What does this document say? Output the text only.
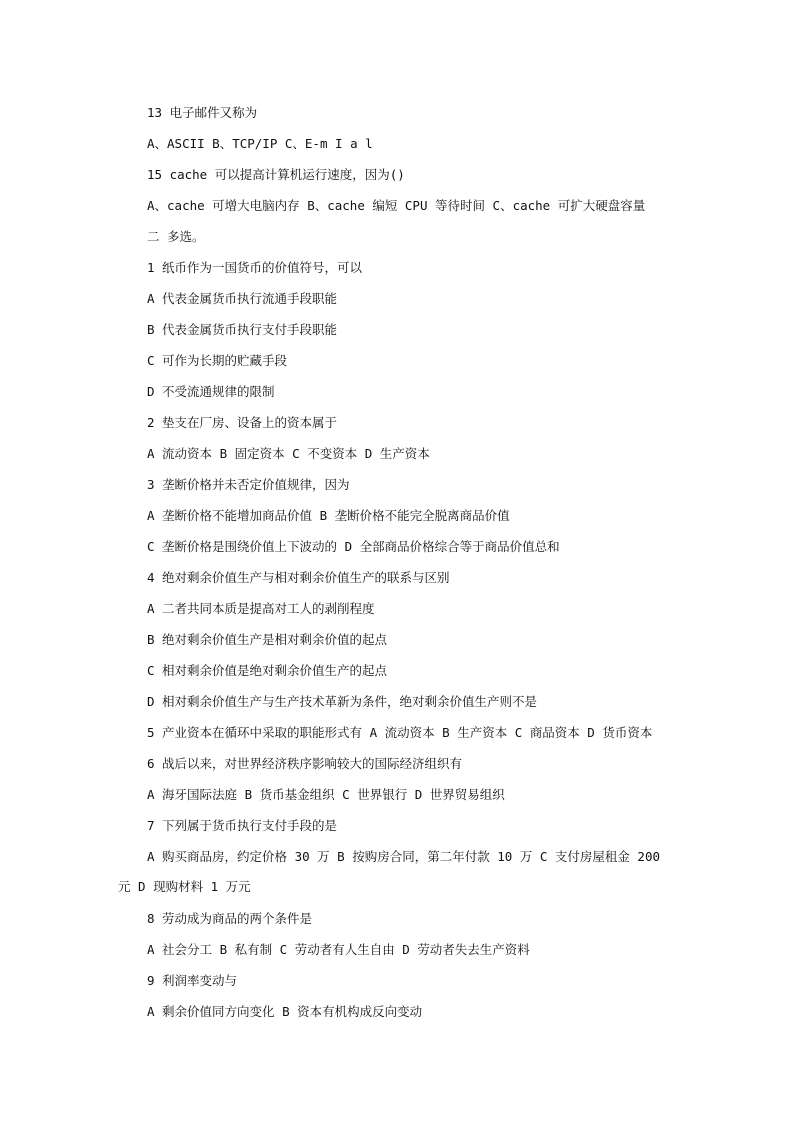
13 电子邮件又称为
A、ASCII B、TCP/IP C、E-m I a l
15 cache 可以提高计算机运行速度，因为()
A、cache 可增大电脑内存 B、cache 编短 CPU 等待时间 C、cache 可扩大硬盘容量
二 多选。
1 纸币作为一国货币的价值符号，可以
A 代表金属货币执行流通手段职能
B 代表金属货币执行支付手段职能
C 可作为长期的贮藏手段
D 不受流通规律的限制
2 垫支在厂房、设备上的资本属于
A 流动资本 B 固定资本 C 不变资本 D 生产资本
3 垄断价格并未否定价值规律，因为
A 垄断价格不能增加商品价值 B 垄断价格不能完全脱离商品价值
C 垄断价格是围绕价值上下波动的 D 全部商品价格综合等于商品价值总和
4 绝对剩余价值生产与相对剩余价值生产的联系与区别
A 二者共同本质是提高对工人的剥削程度
B 绝对剩余价值生产是相对剩余价值的起点
C 相对剩余价值是绝对剩余价值生产的起点
D 相对剩余价值生产与生产技术革新为条件，绝对剩余价值生产则不是
5 产业资本在循环中采取的职能形式有 A 流动资本 B 生产资本 C 商品资本 D 货币资本
6 战后以来，对世界经济秩序影响较大的国际经济组织有
A 海牙国际法庭 B 货币基金组织 C 世界银行 D 世界贸易组织
7 下列属于货币执行支付手段的是
A 购买商品房，约定价格 30 万 B 按购房合同，第二年付款 10 万 C 支付房屋租金 200 元 D 现购材料 1 万元
8 劳动成为商品的两个条件是
A 社会分工 B 私有制 C 劳动者有人生自由 D 劳动者失去生产资料
9 利润率变动与
A 剩余价值同方向变化 B 资本有机构成反向变动
